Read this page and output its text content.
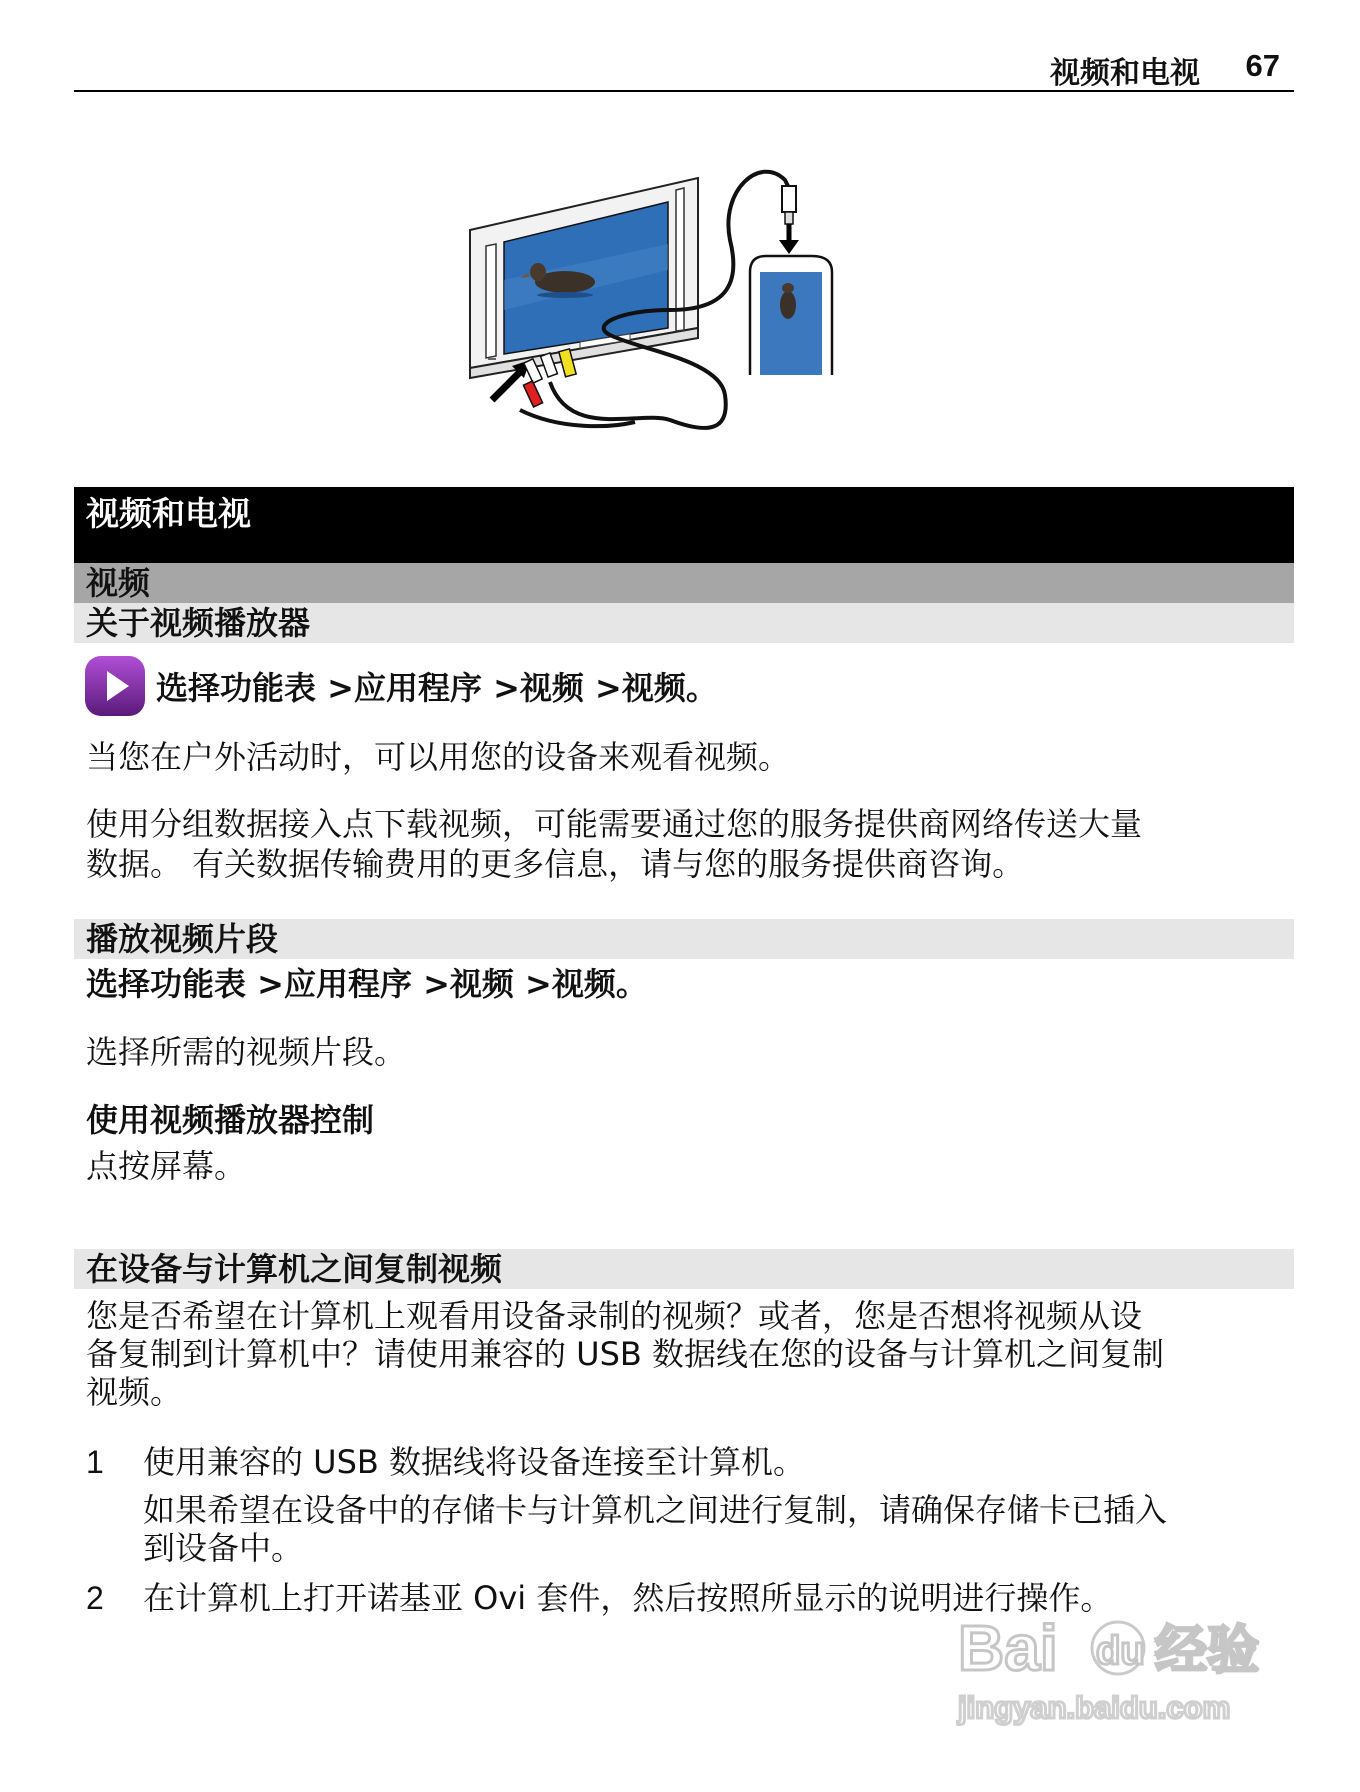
视频和电视 67
视频和电视
视频
关于视频播放器
选择功能表 >应用程序 >视频 >视频。
当您在户外活动时，可以用您的设备来观看视频。
使用分组数据接入点下载视频，可能需要通过您的服务提供商网络传送大量
数据。 有关数据传输费用的更多信息，请与您的服务提供商咨询。
播放视频片段
选择功能表 >应用程序 >视频 >视频。
选择所需的视频片段。
使用视频播放器控制
点按屏幕。
在设备与计算机之间复制视频
您是否希望在计算机上观看用设备录制的视频？或者，您是否想将视频从设
备复制到计算机中？请使用兼容的 USB 数据线在您的设备与计算机之间复制
视频。
1 使用兼容的 USB 数据线将设备连接至计算机。
如果希望在设备中的存储卡与计算机之间进行复制，请确保存储卡已插入
到设备中。
2 在计算机上打开诺基亚 Ovi 套件，然后按照所显示的说明进行操作。
Bai du 经验
jingyan.baidu.com
